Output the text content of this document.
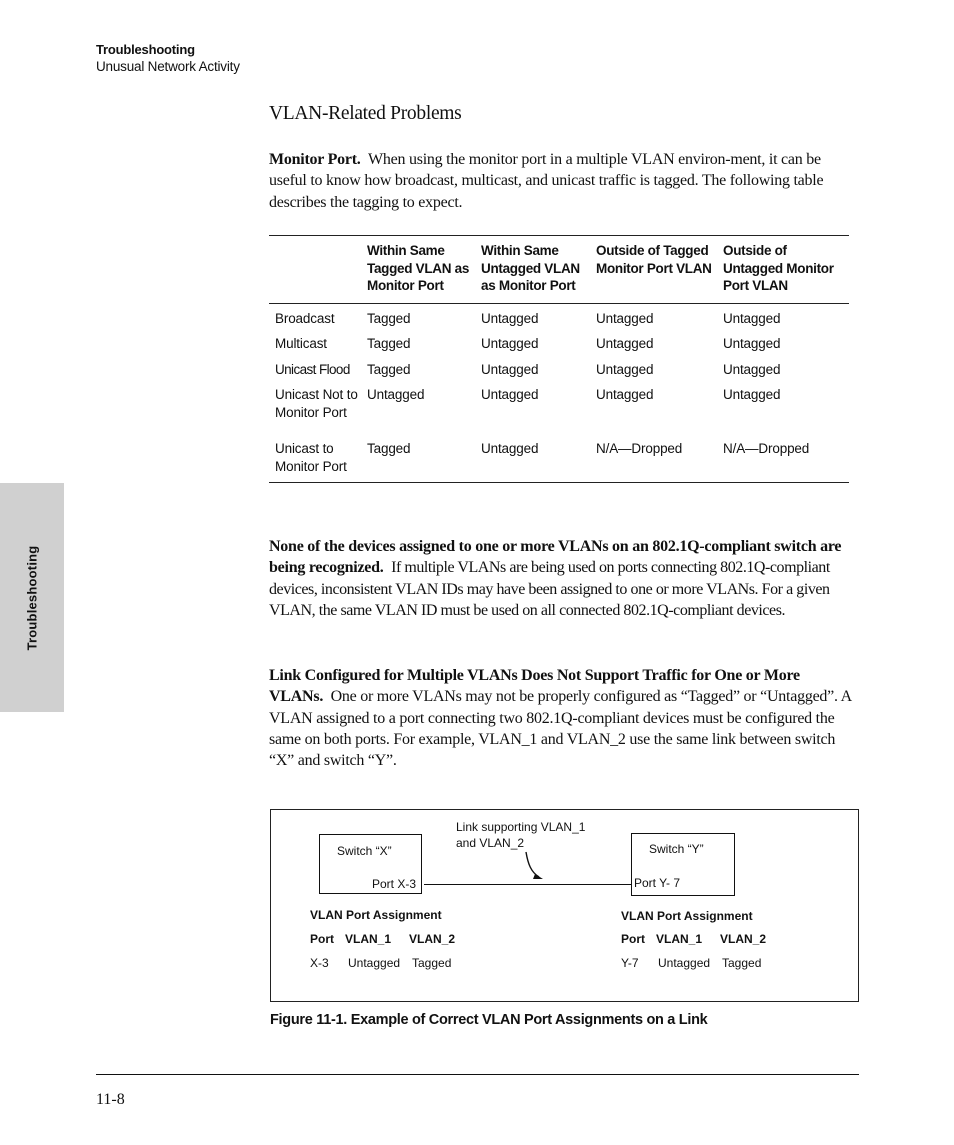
Troubleshooting
Unusual Network Activity
Troubleshooting
VLAN-Related Problems

Monitor Port. When using the monitor port in a multiple VLAN environ-ment, it can be useful to know how broadcast, multicast, and unicast traffic is tagged. The following table describes the tagging to expect.

	Within Same Tagged VLAN as Monitor Port	Within Same Untagged VLAN as Monitor Port	Outside of Tagged Monitor Port VLAN	Outside of Untagged Monitor Port VLAN
Broadcast	Tagged	Untagged	Untagged	Untagged
Multicast	Tagged	Untagged	Untagged	Untagged
Unicast Flood	Tagged	Untagged	Untagged	Untagged
Unicast Not to Monitor Port	Untagged	Untagged	Untagged	Untagged
Unicast to Monitor Port	Tagged	Untagged	N/A—Dropped	N/A—Dropped

None of the devices assigned to one or more VLANs on an 802.1Q-compliant switch are being recognized. If multiple VLANs are being used on ports connecting 802.1Q-compliant devices, inconsistent VLAN IDs may have been assigned to one or more VLANs. For a given VLAN, the same VLAN ID must be used on all connected 802.1Q-compliant devices.

Link Configured for Multiple VLANs Does Not Support Traffic for One or More VLANs. One or more VLANs may not be properly configured as “Tagged” or “Untagged”. A VLAN assigned to a port connecting two 802.1Q-compliant devices must be configured the same on both ports. For example, VLAN_1 and VLAN_2 use the same link between switch “X” and switch “Y”.

Link supporting VLAN_1
and VLAN_2
Switch “X”
Port X-3
Switch “Y”
Port Y- 7
VLAN Port Assignment
Port VLAN_1 VLAN_2
X-3 Untagged Tagged
VLAN Port Assignment
Port VLAN_1 VLAN_2
Y-7 Untagged Tagged
Figure 11-1. Example of Correct VLAN Port Assignments on a Link
11-8
